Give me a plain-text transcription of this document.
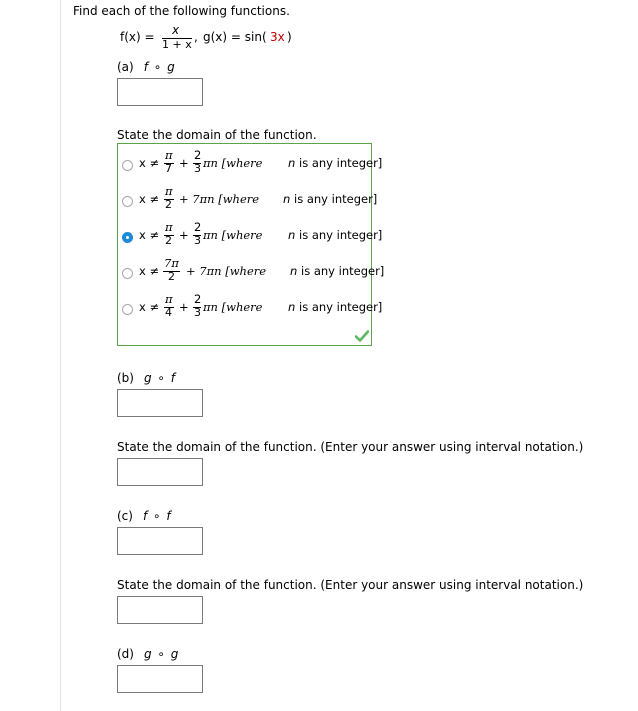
Find each of the following functions.
f(x) = x
1 + x
, g(x) = sin( 3x )
(a) f ∘ g
State the domain of the function.
x ≠
π
7 +
2
3 πn [where n is any integer]
x ≠
π
2 + 7πn [where n is any integer]
x ≠
π
2 +
2
3 πn [where n is any integer]
x ≠
7π
2 + 7πn [where n is any integer]
x ≠
π
4 +
2
3 πn [where n is any integer]
(b) g ∘ f
State the domain of the function. (Enter your answer using interval notation.)
(c) f ∘ f
State the domain of the function. (Enter your answer using interval notation.)
(d) g ∘ g
